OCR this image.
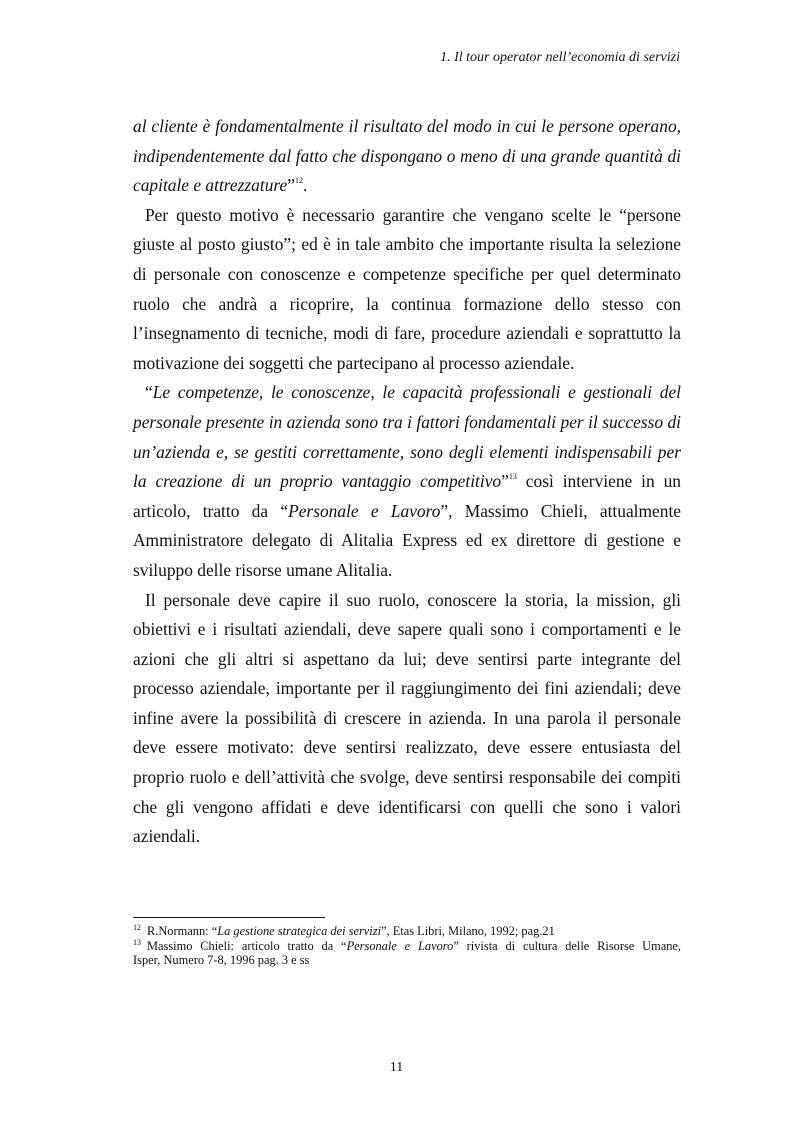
1. Il tour operator nell’economia di servizi
al cliente è fondamentalmente il risultato del modo in cui le persone operano,
indipendentemente dal fatto che dispongano o meno di una grande quantità di
capitale e attrezzature”$^{12}$.
Per questo motivo è necessario garantire che vengano scelte le “persone
giuste al posto giusto”; ed è in tale ambito che importante risulta la selezione
di personale con conoscenze e competenze specifiche per quel determinato
ruolo che andrà a ricoprire, la continua formazione dello stesso con
l’insegnamento di tecniche, modi di fare, procedure aziendali e soprattutto la
motivazione dei soggetti che partecipano al processo aziendale.
“Le competenze, le conoscenze, le capacità professionali e gestionali del
personale presente in azienda sono tra i fattori fondamentali per il successo di
un’azienda e, se gestiti correttamente, sono degli elementi indispensabili per
la creazione di un proprio vantaggio competitivo”$^{13}$ così interviene in un
articolo, tratto da “Personale e Lavoro”, Massimo Chieli, attualmente
Amministratore delegato di Alitalia Express ed ex direttore di gestione e
sviluppo delle risorse umane Alitalia.
Il personale deve capire il suo ruolo, conoscere la storia, la mission, gli
obiettivi e i risultati aziendali, deve sapere quali sono i comportamenti e le
azioni che gli altri si aspettano da lui; deve sentirsi parte integrante del
processo aziendale, importante per il raggiungimento dei fini aziendali; deve
infine avere la possibilità di crescere in azienda. In una parola il personale
deve essere motivato: deve sentirsi realizzato, deve essere entusiasta del
proprio ruolo e dell’attività che svolge, deve sentirsi responsabile dei compiti
che gli vengono affidati e deve identificarsi con quelli che sono i valori
aziendali.
$^{12}$ R.Normann: “La gestione strategica dei servizi”, Etas Libri, Milano, 1992; pag.21
$^{13}$ Massimo Chieli: articolo tratto da “Personale e Lavoro” rivista di cultura delle Risorse Umane,
Isper, Numero 7-8, 1996 pag. 3 e ss
11
